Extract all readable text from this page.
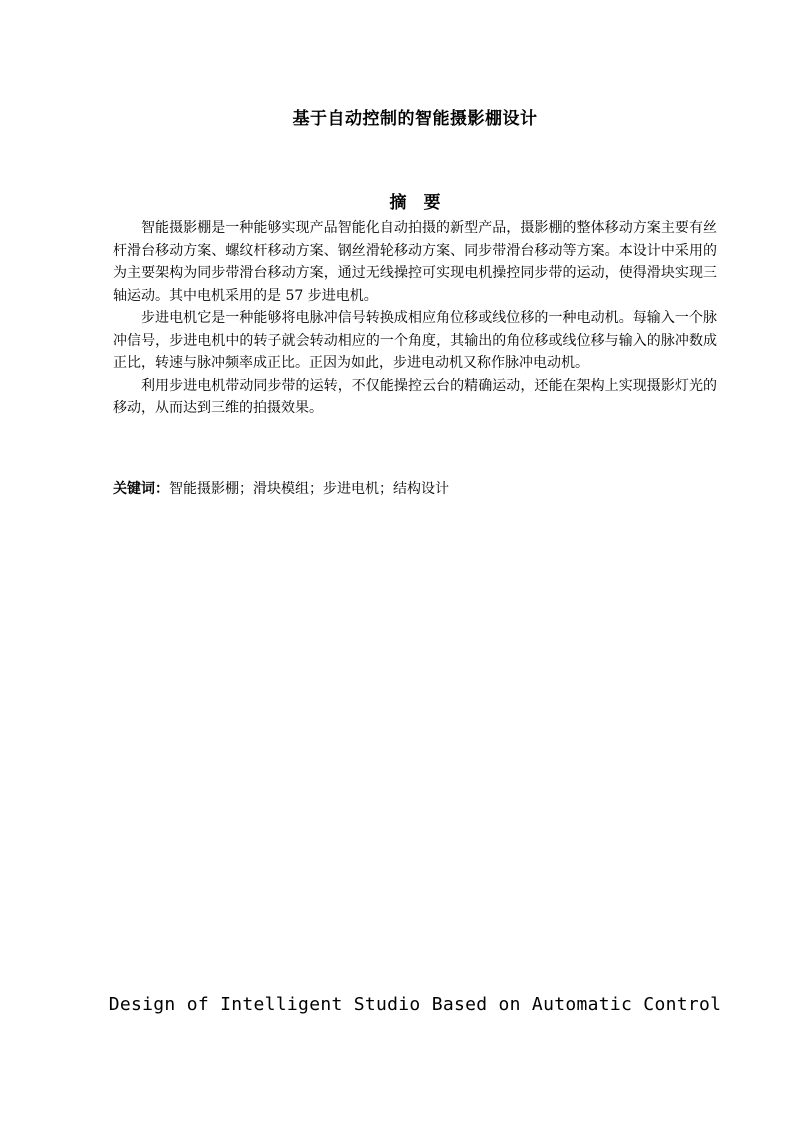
基于自动控制的智能摄影棚设计
摘　要

智能摄影棚是一种能够实现产品智能化自动拍摄的新型产品，摄影棚的整体移动方案主要有丝杆滑台移动方案、螺纹杆移动方案、钢丝滑轮移动方案、同步带滑台移动等方案。本设计中采用的为主要架构为同步带滑台移动方案，通过无线操控可实现电机操控同步带的运动，使得滑块实现三轴运动。其中电机采用的是 57 步进电机。

步进电机它是一种能够将电脉冲信号转换成相应角位移或线位移的一种电动机。每输入一个脉冲信号，步进电机中的转子就会转动相应的一个角度，其输出的角位移或线位移与输入的脉冲数成正比，转速与脉冲频率成正比。正因为如此，步进电动机又称作脉冲电动机。

利用步进电机带动同步带的运转，不仅能操控云台的精确运动，还能在架构上实现摄影灯光的移动，从而达到三维的拍摄效果。

关键词：智能摄影棚；滑块模组；步进电机；结构设计
Design of Intelligent Studio Based on Automatic Control
